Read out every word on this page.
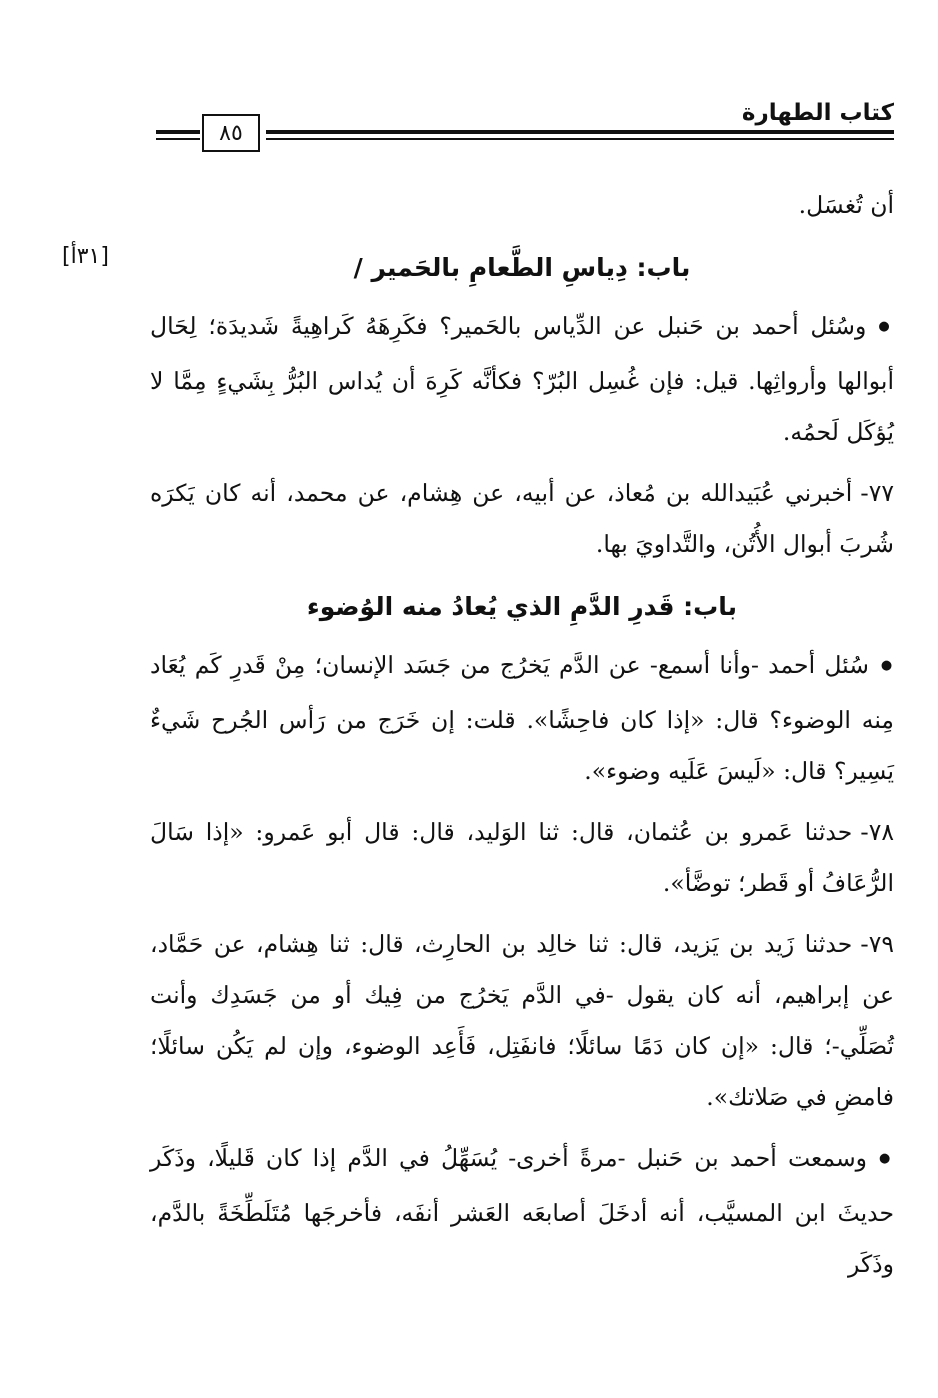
كتاب الطهارة
٨٥
[٣١أ]

أن تُغسَل.

باب: دِياسِ الطَّعامِ بالحَمير /

● وسُئل أحمد بن حَنبل عن الدِّياس بالحَمير؟ فكَرِهَهُ كَراهِيةً شَديدَة؛ لِحَال أبوالها وأرواثِها. قيل: فإن غُسِل البُرّ؟ فكأنَّه كَرِهَ أن يُداس البُرُّ بِشَيءٍ مِمَّا لا يُؤكَل لَحمُه.

٧٧-أخبرني عُبَيدالله بن مُعاذ، عن أبيه، عن هِشام، عن محمد، أنه كان يَكرَه شُربَ أبوال الأُتُن، والتَّداويَ بها.

باب: قَدرِ الدَّمِ الذي يُعادُ منه الوُضوء

● سُئل أحمد -وأنا أسمع- عن الدَّم يَخرُج من جَسَد الإنسان؛ مِنْ قَدرِ كَم يُعَاد مِنه الوضوء؟ قال: «إذا كان فاحِشًا». قلت: إن خَرَج من رَأس الجُرح شَيءٌ يَسِير؟ قال: «لَيسَ عَلَيه وضوء».

٧٨-حدثنا عَمرو بن عُثمان، قال: ثنا الوَليد، قال: قال أبو عَمرو: «إذا سَالَ الرُّعَافُ أو قَطر؛ توضَّأ».

٧٩-حدثنا زَيد بن يَزيد، قال: ثنا خالِد بن الحارِث، قال: ثنا هِشام، عن حَمَّاد، عن إبراهيم، أنه كان يقول -في الدَّم يَخرُج من فِيك أو من جَسَدِك وأنت تُصَلِّي-؛ قال: «إن كان دَمًا سائلًا؛ فانفَتِل، فَأَعِد الوضوء، وإن لم يَكُن سائلًا؛ فامضِ في صَلاتك».

● وسمعت أحمد بن حَنبل -مرةً أخرى- يُسَهِّلُ في الدَّم إذا كان قَليلًا، وذَكَر حديثَ ابن المسيَّب، أنه أدخَلَ أصابعَه العَشر أنفَه، فأخرجَها مُتَلَطِّخَةً بالدَّم، وذَكَر
